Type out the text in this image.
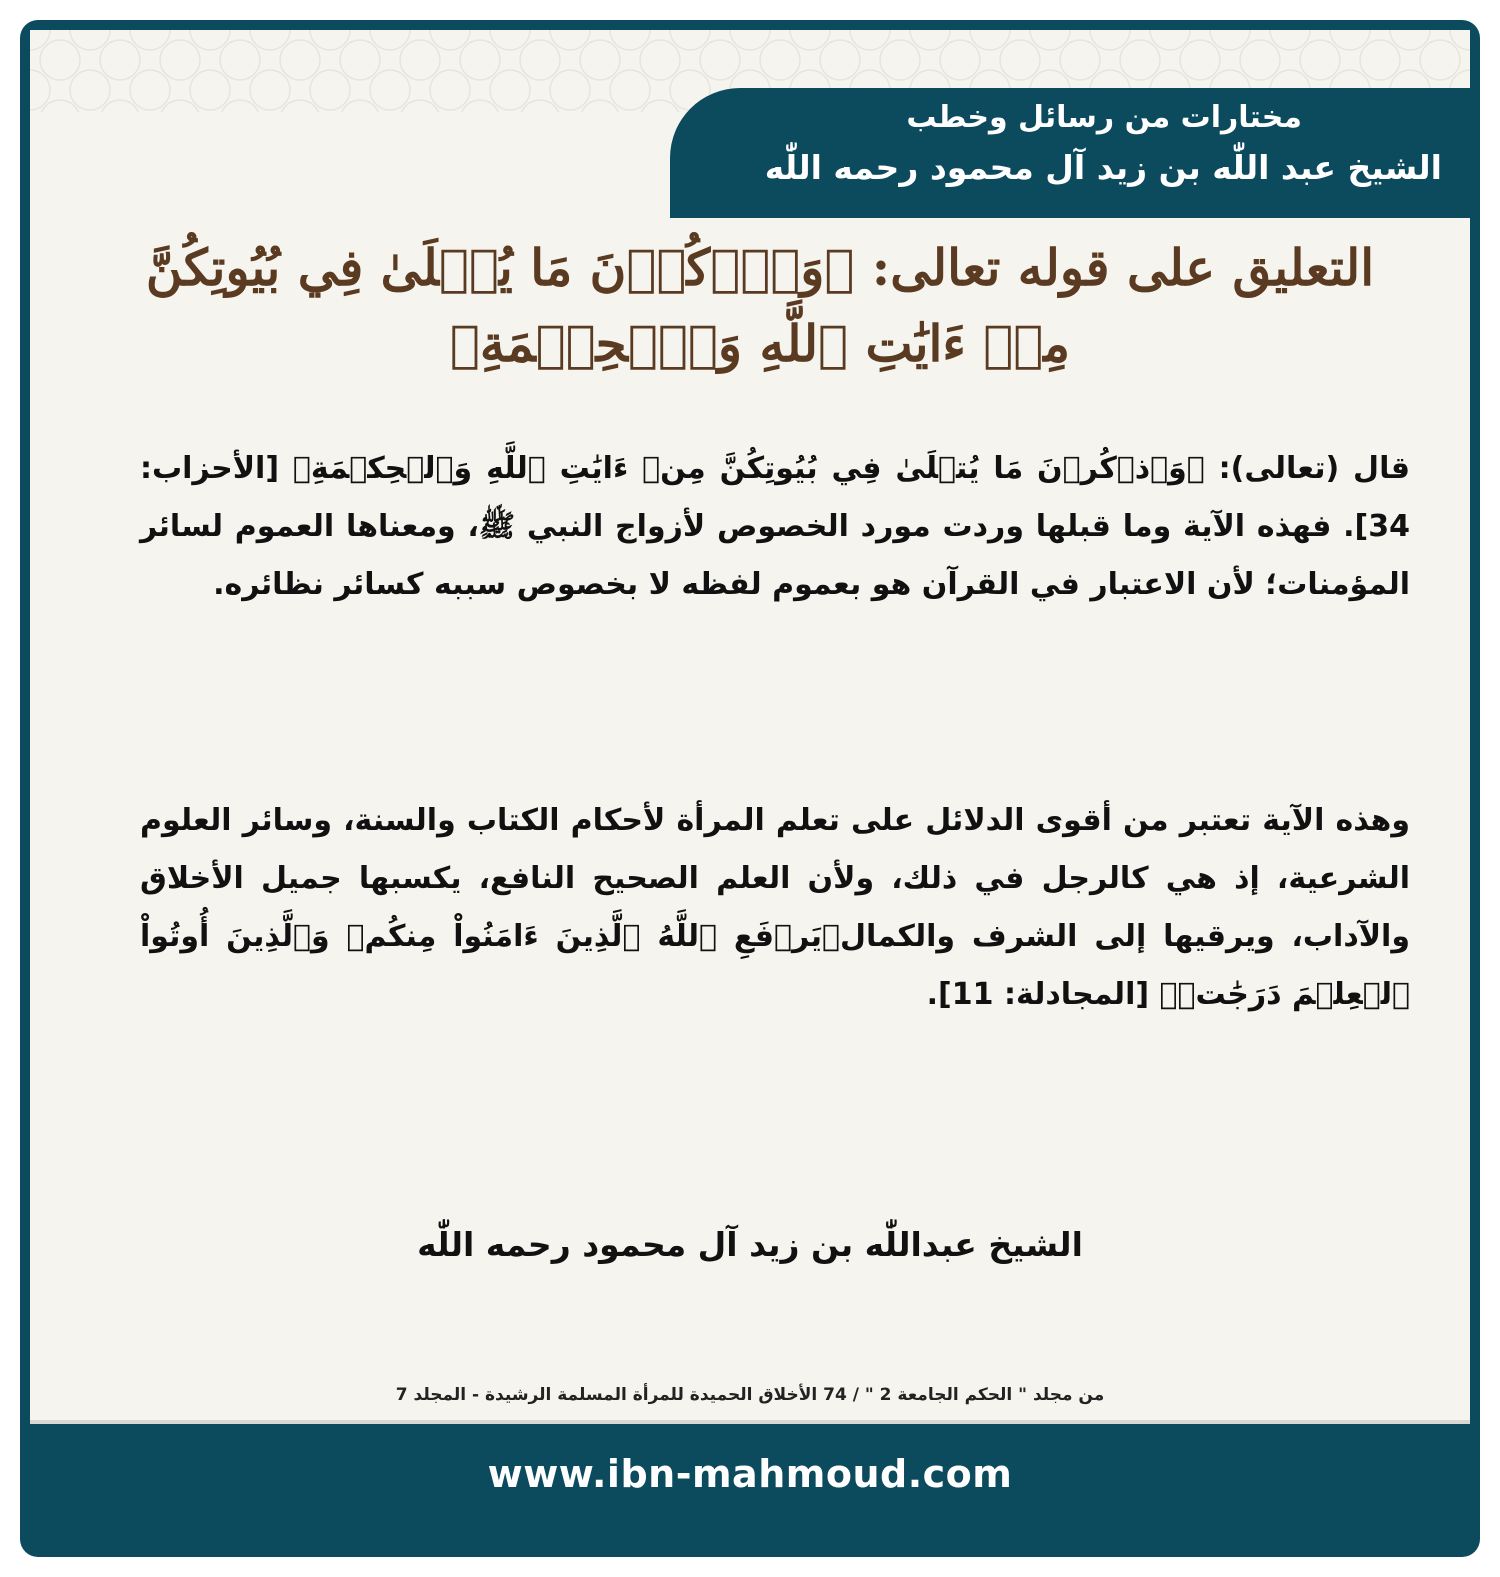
مختارات من رسائل وخطب
الشيخ عبد اللّٰه بن زيد آل محمود رحمه اللّٰه
التعليق على قوله تعالى: ﴿وَٱذۡكُرۡنَ مَا يُتۡلَىٰ فِي بُيُوتِكُنَّ مِنۡ ءَايَٰتِ ٱللَّهِ وَٱلۡحِكۡمَةِ﴾
قال (تعالى): ﴿وَٱذۡكُرۡنَ مَا يُتۡلَىٰ فِي بُيُوتِكُنَّ مِنۡ ءَايَٰتِ ٱللَّهِ وَٱلۡحِكۡمَةِ﴾ [الأحزاب: 34]. فهذه الآية وما قبلها وردت مورد الخصوص لأزواج النبي ﷺ، ومعناها العموم لسائر المؤمنات؛ لأن الاعتبار في القرآن هو بعموم لفظه لا بخصوص سببه كسائر نظائره.
وهذه الآية تعتبر من أقوى الدلائل على تعلم المرأة لأحكام الكتاب والسنة، وسائر العلوم الشرعية، إذ هي كالرجل في ذلك، ولأن العلم الصحيح النافع، يكسبها جميل الأخلاق والآداب، ويرقيها إلى الشرف والكمال﴿يَرۡفَعِ ٱللَّهُ ٱلَّذِينَ ءَامَنُواْ مِنكُمۡ وَٱلَّذِينَ أُوتُواْ ٱلۡعِلۡمَ دَرَجَٰتٖ﴾ [المجادلة: 11].
الشيخ عبداللّٰه بن زيد آل محمود رحمه اللّٰه
من مجلد " الحكم الجامعة 2 " / 74 الأخلاق الحميدة للمرأة المسلمة الرشيدة - المجلد 7
www.ibn-mahmoud.com
